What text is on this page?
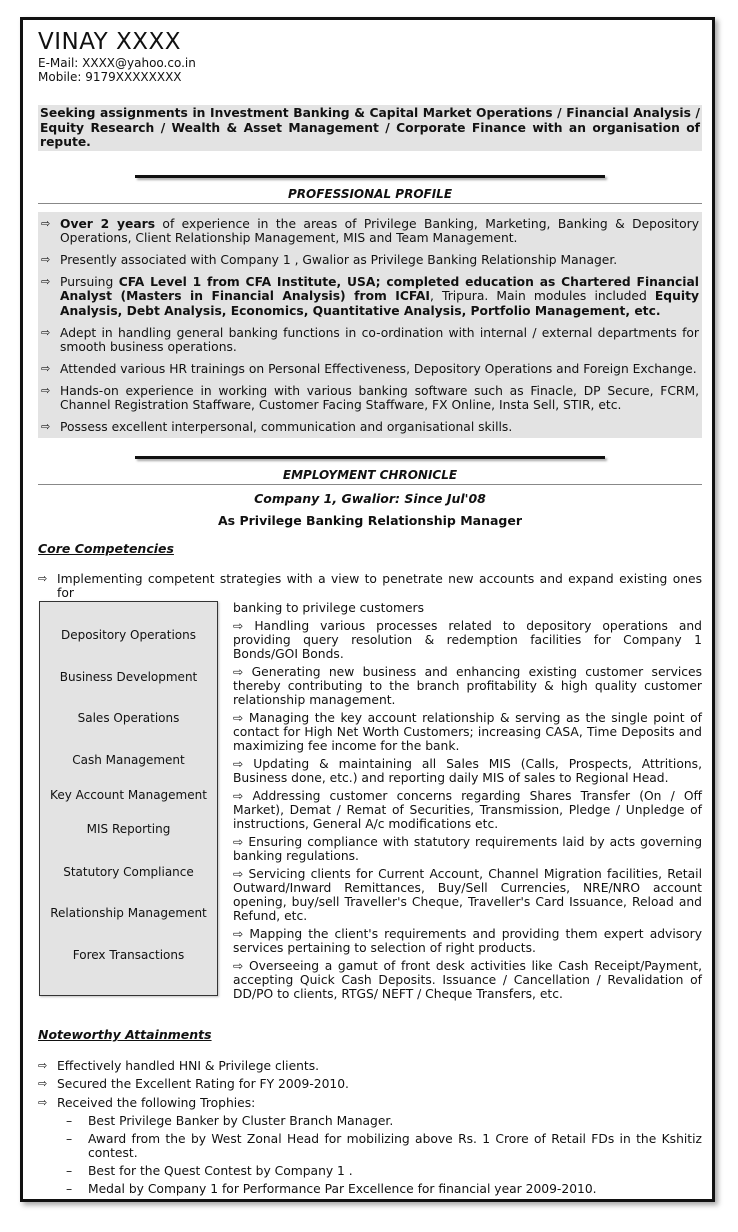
VINAY XXXX
E-Mail: XXXX@yahoo.co.in
Mobile: 9179XXXXXXXX
Seeking assignments in Investment Banking & Capital Market Operations / Financial Analysis / Equity Research / Wealth & Asset Management / Corporate Finance with an organisation of repute.
PROFESSIONAL PROFILE
⇨ Over 2 years of experience in the areas of Privilege Banking, Marketing, Banking & Depository Operations, Client Relationship Management, MIS and Team Management.
⇨ Presently associated with Company 1 , Gwalior as Privilege Banking Relationship Manager.
⇨ Pursuing CFA Level 1 from CFA Institute, USA; completed education as Chartered Financial Analyst (Masters in Financial Analysis) from ICFAI, Tripura. Main modules included Equity Analysis, Debt Analysis, Economics, Quantitative Analysis, Portfolio Management, etc.
⇨ Adept in handling general banking functions in co-ordination with internal / external departments for smooth business operations.
⇨ Attended various HR trainings on Personal Effectiveness, Depository Operations and Foreign Exchange.
⇨ Hands-on experience in working with various banking software such as Finacle, DP Secure, FCRM, Channel Registration Staffware, Customer Facing Staffware, FX Online, Insta Sell, STIR, etc.
⇨ Possess excellent interpersonal, communication and organisational skills.
EMPLOYMENT CHRONICLE
Company 1, Gwalior: Since Jul'08
As Privilege Banking Relationship Manager
Core Competencies
⇨ Implementing competent strategies with a view to penetrate new accounts and expand existing ones for
Depository Operations
Business Development
Sales Operations
Cash Management
Key Account Management
MIS Reporting
Statutory Compliance
Relationship Management
Forex Transactions
banking to privilege customers
⇨ Handling various processes related to depository operations and providing query resolution & redemption facilities for Company 1 Bonds/GOI Bonds.
⇨ Generating new business and enhancing existing customer services thereby contributing to the branch profitability & high quality customer relationship management.
⇨ Managing the key account relationship & serving as the single point of contact for High Net Worth Customers; increasing CASA, Time Deposits and maximizing fee income for the bank.
⇨ Updating & maintaining all Sales MIS (Calls, Prospects, Attritions, Business done, etc.) and reporting daily MIS of sales to Regional Head.
⇨ Addressing customer concerns regarding Shares Transfer (On / Off Market), Demat / Remat of Securities, Transmission, Pledge / Unpledge of instructions, General A/c modifications etc.
⇨ Ensuring compliance with statutory requirements laid by acts governing banking regulations.
⇨ Servicing clients for Current Account, Channel Migration facilities, Retail Outward/Inward Remittances, Buy/Sell Currencies, NRE/NRO account opening, buy/sell Traveller's Cheque, Traveller's Card Issuance, Reload and Refund, etc.
⇨ Mapping the client's requirements and providing them expert advisory services pertaining to selection of right products.
⇨ Overseeing a gamut of front desk activities like Cash Receipt/Payment, accepting Quick Cash Deposits. Issuance / Cancellation / Revalidation of DD/PO to clients, RTGS/ NEFT / Cheque Transfers, etc.
Noteworthy Attainments
⇨ Effectively handled HNI & Privilege clients.
⇨ Secured the Excellent Rating for FY 2009-2010.
⇨ Received the following Trophies:
–	Best Privilege Banker by Cluster Branch Manager.
–	Award from the by West Zonal Head for mobilizing above Rs. 1 Crore of Retail FDs in the Kshitiz contest.
–	Best for the Quest Contest by Company 1 .
–	Medal by Company 1 for Performance Par Excellence for financial year 2009-2010.
